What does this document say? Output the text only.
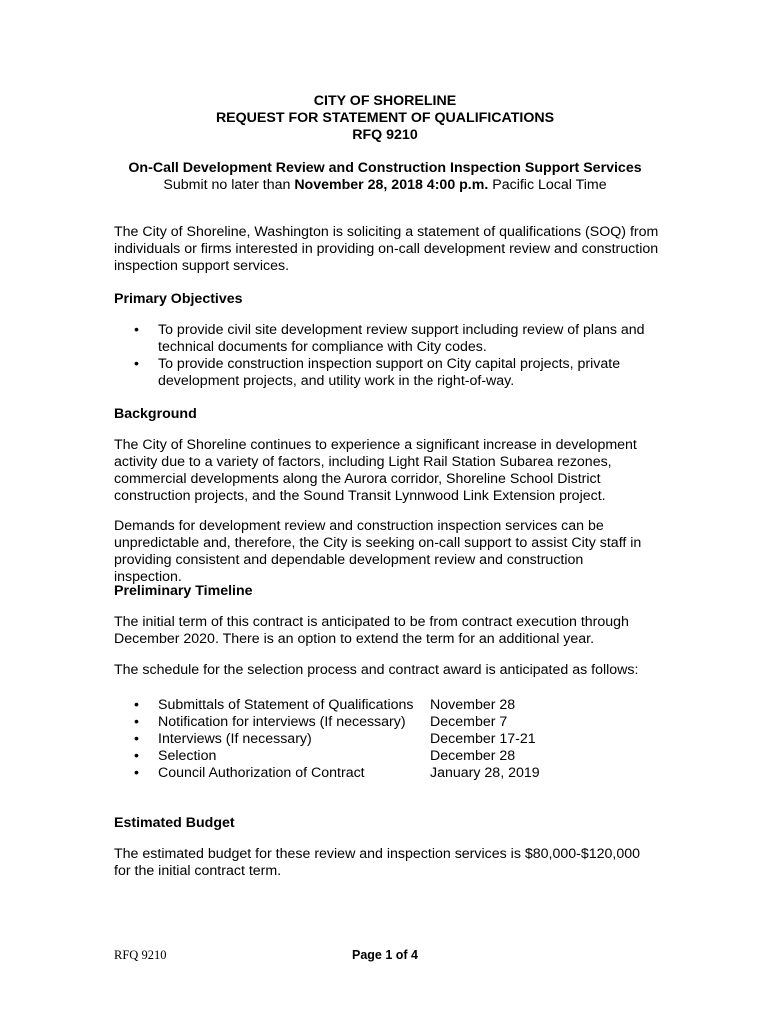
CITY OF SHORELINE

REQUEST FOR STATEMENT OF QUALIFICATIONS

RFQ 9210

On-Call Development Review and Construction Inspection Support Services

Submit no later than November 28, 2018 4:00 p.m. Pacific Local Time

The City of Shoreline, Washington is soliciting a statement of qualifications (SOQ) from individuals or firms interested in providing on-call development review and construction inspection support services.

Primary Objectives

• To provide civil site development review support including review of plans and technical documents for compliance with City codes.
• To provide construction inspection support on City capital projects, private development projects, and utility work in the right-of-way.

Background

The City of Shoreline continues to experience a significant increase in development activity due to a variety of factors, including Light Rail Station Subarea rezones, commercial developments along the Aurora corridor, Shoreline School District construction projects, and the Sound Transit Lynnwood Link Extension project.

Demands for development review and construction inspection services can be unpredictable and, therefore, the City is seeking on-call support to assist City staff in providing consistent and dependable development review and construction inspection.

Preliminary Timeline

The initial term of this contract is anticipated to be from contract execution through December 2020. There is an option to extend the term for an additional year.

The schedule for the selection process and contract award is anticipated as follows:

• Submittals of Statement of Qualifications November 28
• Notification for interviews (If necessary) December 7
• Interviews (If necessary)	December 17-21
• Selection	December 28
• Council Authorization of Contract	January 28, 2019

Estimated Budget

The estimated budget for these review and inspection services is $80,000-$120,000 for the initial contract term.

RFQ 9210	Page 1 of 4
